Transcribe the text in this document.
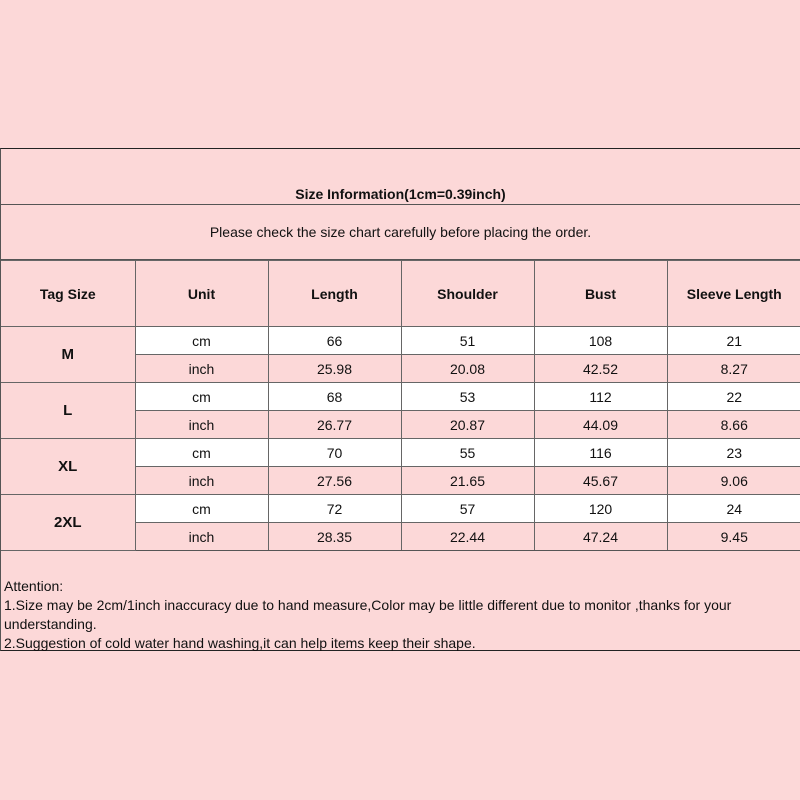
Size Information(1cm=0.39inch)
Please check the size chart carefully before placing the order.
Tag Size	Unit	Length	Shoulder	Bust	Sleeve Length
M	cm	66	51	108	21
	inch	25.98	20.08	42.52	8.27
L	cm	68	53	112	22
	inch	26.77	20.87	44.09	8.66
XL	cm	70	55	116	23
	inch	27.56	21.65	45.67	9.06
2XL	cm	72	57	120	24
	inch	28.35	22.44	47.24	9.45
Attention:
1.Size may be 2cm/1inch inaccuracy due to hand measure,Color may be little different due to monitor ,thanks for your understanding.
2.Suggestion of cold water hand washing,it can help items keep their shape.
